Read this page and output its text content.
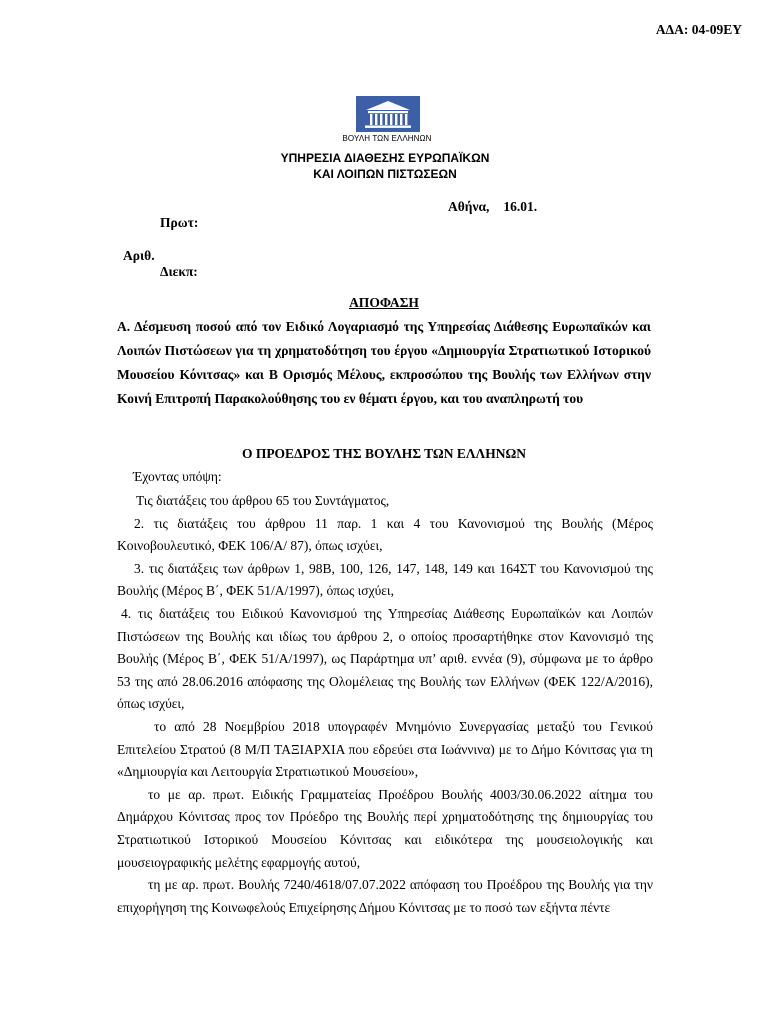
ΑΔΑ: 04-09ΕΥ
ΒΟΥΛΗ ΤΩΝ ΕΛΛΗΝΩΝ
ΥΠΗΡΕΣΙΑ ΔΙΑΘΕΣΗΣ ΕΥΡΩΠΑΪΚΩΝ
ΚΑΙ ΛΟΙΠΩΝ ΠΙΣΤΩΣΕΩΝ
Αθήνα, 16.01.
Πρωτ:
Αριθ.
Διεκπ:
ΑΠΟΦΑΣΗ
Α. Δέσμευση ποσού από τον Ειδικό Λογαριασμό της Υπηρεσίας Διάθεσης Ευρωπαϊκών και Λοιπών Πιστώσεων για τη χρηματοδότηση του έργου «Δημιουργία Στρατιωτικού Ιστορικού Μουσείου Κόνιτσας» και Β Ορισμός Μέλους, εκπροσώπου της Βουλής των Ελλήνων στην Κοινή Επιτροπή Παρακολούθησης του εν θέματι έργου, και του αναπληρωτή του
Ο ΠΡΟΕΔΡΟΣ ΤΗΣ ΒΟΥΛΗΣ ΤΩΝ ΕΛΛΗΝΩΝ
Έχοντας υπόψη:

Τις διατάξεις του άρθρου 65 του Συντάγματος,

2. τις διατάξεις του άρθρου 11 παρ. 1 και 4 του Κανονισμού της Βουλής (Μέρος Κοινοβουλευτικό, ΦΕΚ 106/Α/ 87), όπως ισχύει,

3. τις διατάξεις των άρθρων 1, 98Β, 100, 126, 147, 148, 149 και 164ΣΤ του Κανονισμού της Βουλής (Μέρος Β΄, ΦΕΚ 51/Α/1997), όπως ισχύει,

4. τις διατάξεις του Ειδικού Κανονισμού της Υπηρεσίας Διάθεσης Ευρωπαϊκών και Λοιπών Πιστώσεων της Βουλής και ιδίως του άρθρου 2, ο οποίος προσαρτήθηκε στον Κανονισμό της Βουλής (Μέρος Β΄, ΦΕΚ 51/Α/1997), ως Παράρτημα υπ’ αριθ. εννέα (9), σύμφωνα με το άρθρο 53 της από 28.06.2016 απόφασης της Ολομέλειας της Βουλής των Ελλήνων (ΦΕΚ 122/Α/2016), όπως ισχύει,

το από 28 Νοεμβρίου 2018 υπογραφέν Μνημόνιο Συνεργασίας μεταξύ του Γενικού Επιτελείου Στρατού (8 Μ/Π ΤΑΞΙΑΡΧΙΑ που εδρεύει στα Ιωάννινα) με το Δήμο Κόνιτσας για τη «Δημιουργία και Λειτουργία Στρατιωτικού Μουσείου»,

το με αρ. πρωτ. Ειδικής Γραμματείας Προέδρου Βουλής 4003/30.06.2022 αίτημα του Δημάρχου Κόνιτσας προς τον Πρόεδρο της Βουλής περί χρηματοδότησης της δημιουργίας του Στρατιωτικού Ιστορικού Μουσείου Κόνιτσας και ειδικότερα της μουσειολογικής και μουσειογραφικής μελέτης εφαρμογής αυτού,

τη με αρ. πρωτ. Βουλής 7240/4618/07.07.2022 απόφαση του Προέδρου της Βουλής για την επιχορήγηση της Κοινωφελούς Επιχείρησης Δήμου Κόνιτσας με το ποσό των εξήντα πέντε
